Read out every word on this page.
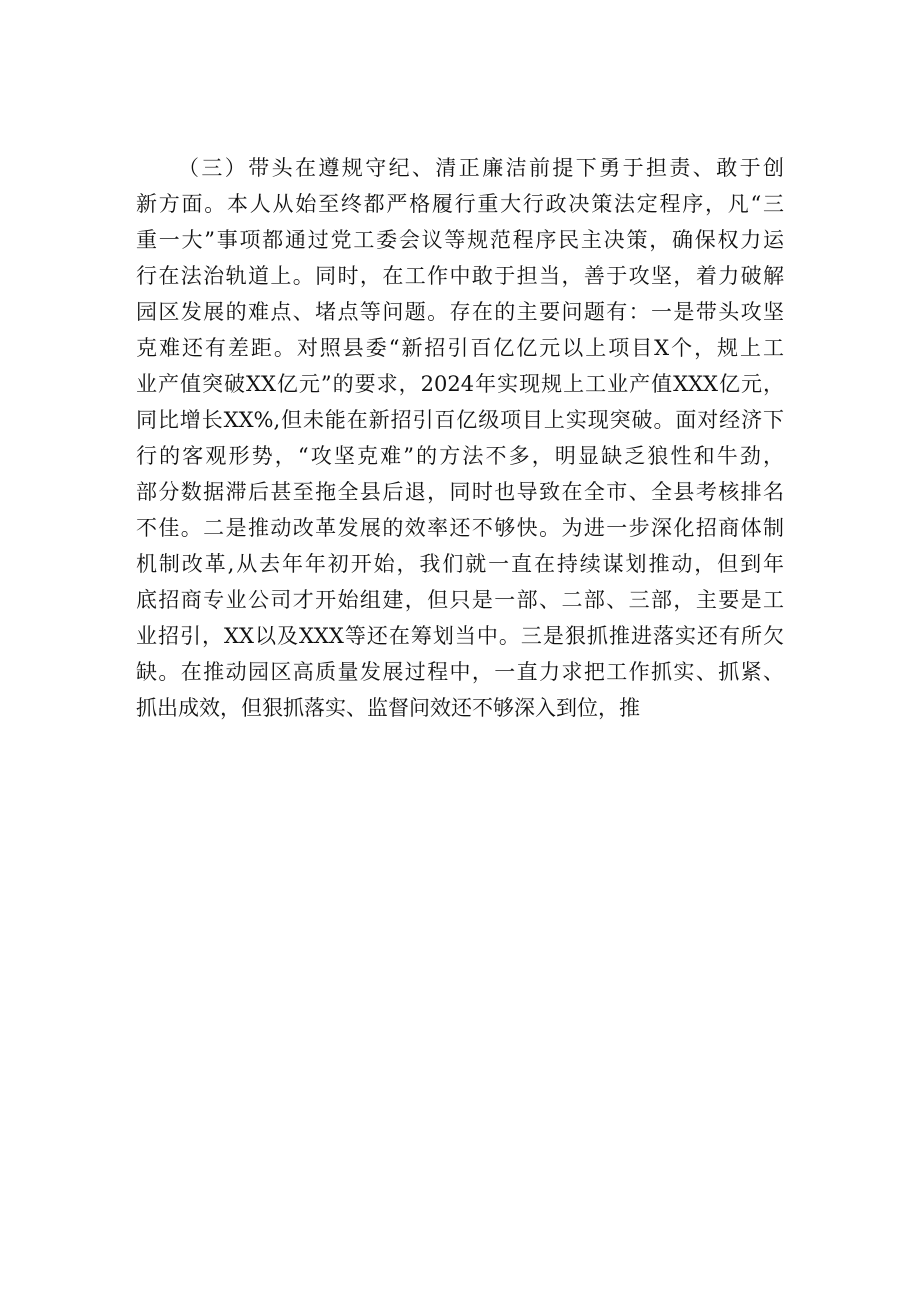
（三）带头在遵规守纪、清正廉洁前提下勇于担责、敢于创
新方面。本人从始至终都严格履行重大行政决策法定程序，凡“三
重一大”事项都通过党工委会议等规范程序民主决策，确保权力运
行在法治轨道上。同时，在工作中敢于担当，善于攻坚，着力破解
园区发展的难点、堵点等问题。存在的主要问题有：一是带头攻坚
克难还有差距。对照县委“新招引百亿亿元以上项目X个，规上工
业产值突破XX亿元”的要求，2024年实现规上工业产值XXX亿元，
同比增长XX%,但未能在新招引百亿级项目上实现突破。面对经济下
行的客观形势，“攻坚克难”的方法不多，明显缺乏狼性和牛劲，
部分数据滞后甚至拖全县后退，同时也导致在全市、全县考核排名
不佳。二是推动改革发展的效率还不够快。为进一步深化招商体制
机制改革,从去年年初开始，我们就一直在持续谋划推动，但到年
底招商专业公司才开始组建，但只是一部、二部、三部，主要是工
业招引，XX以及XXX等还在筹划当中。三是狠抓推进落实还有所欠
缺。在推动园区高质量发展过程中，一直力求把工作抓实、抓紧、
抓出成效，但狠抓落实、监督问效还不够深入到位，推
